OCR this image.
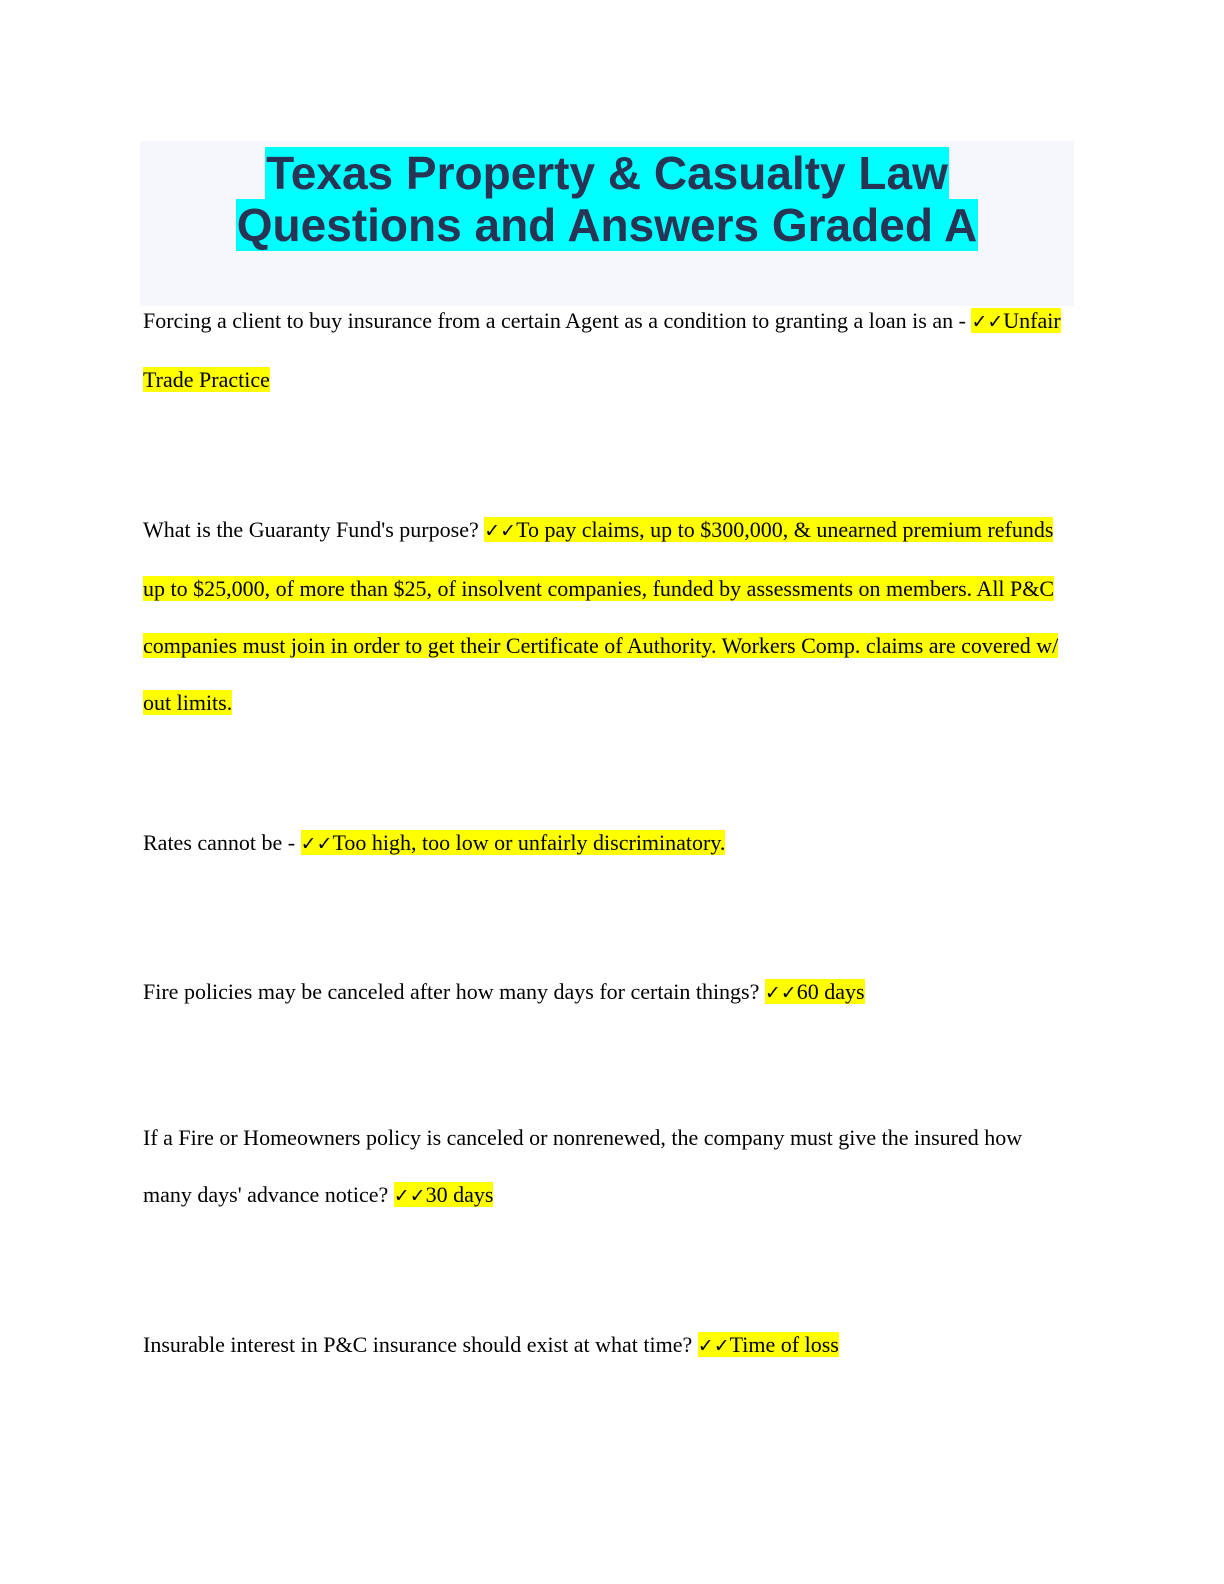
Texas Property & Casualty Law
Questions and Answers Graded A

Forcing a client to buy insurance from a certain Agent as a condition to granting a loan is an - ✓✓Unfair Trade Practice

What is the Guaranty Fund's purpose? ✓✓To pay claims, up to $300,000, & unearned premium refunds up to $25,000, of more than $25, of insolvent companies, funded by assessments on members. All P&C companies must join in order to get their Certificate of Authority. Workers Comp. claims are covered w/ out limits.

Rates cannot be - ✓✓Too high, too low or unfairly discriminatory.

Fire policies may be canceled after how many days for certain things? ✓✓60 days

If a Fire or Homeowners policy is canceled or nonrenewed, the company must give the insured how many days' advance notice? ✓✓30 days

Insurable interest in P&C insurance should exist at what time? ✓✓Time of loss
